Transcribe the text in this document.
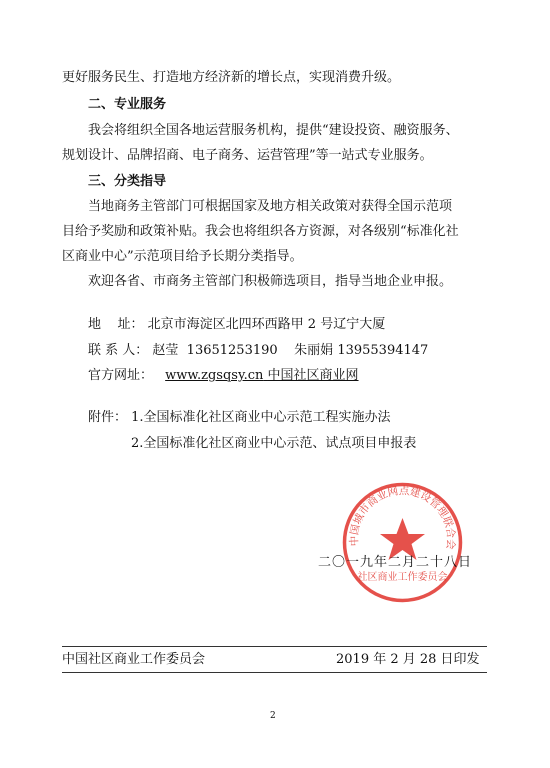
更好服务民生、打造地方经济新的增长点，实现消费升级。
二、专业服务
我会将组织全国各地运营服务机构，提供“建设投资、融资服务、
规划设计、品牌招商、电子商务、运营管理”等一站式专业服务。
三、分类指导
当地商务主管部门可根据国家及地方相关政策对获得全国示范项
目给予奖励和政策补贴。我会也将组织各方资源，对各级别“标准化社
区商业中心”示范项目给予长期分类指导。
欢迎各省、市商务主管部门积极筛选项目，指导当地企业申报。
地    址： 北京市海淀区北四环西路甲 2 号辽宁大厦
联 系 人： 赵莹  13651253190    朱丽娟 13955394147
官方网址： www.zgsqsy.cn 中国社区商业网
附件： 1.全国标准化社区商业中心示范工程实施办法
2.全国标准化社区商业中心示范、试点项目申报表
中国城市商业网点建设管理联合会
社区商业工作委员会
二〇一九年二月二十八日
中国社区商业工作委员会	2019 年 2 月 28 日印发
2
